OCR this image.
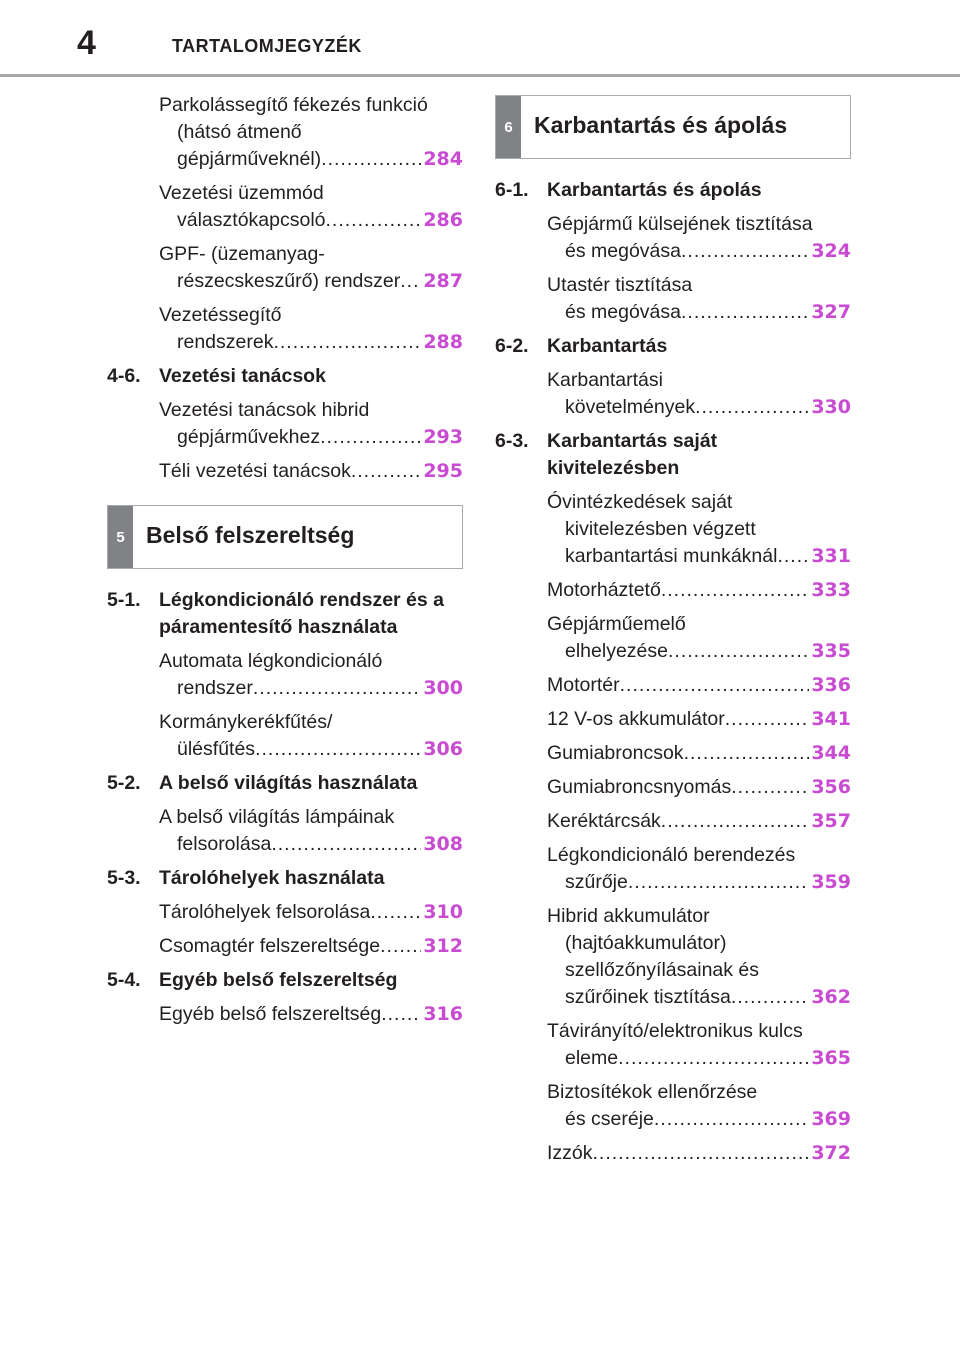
4	TARTALOMJEGYZÉK
Parkolássegítő fékezés funkció
(hátsó átmenő
gépjárműveknél) .....	284
Vezetési üzemmód
választókapcsoló .....	286
GPF- (üzemanyag-
részecskeszűrő) rendszer ..... 287
Vezetéssegítő
rendszerek .....	288
4-6. Vezetési tanácsok
Vezetési tanácsok hibrid
gépjárművekhez .....	293
Téli vezetési tanácsok .....	295
5 Belső felszereltség
5-1. Légkondicionáló rendszer és a páramentesítő használata
Automata légkondicionáló
rendszer .....	300
Kormánykerékfűtés/
ülésfűtés .....	306
5-2. A belső világítás használata
A belső világítás lámpáinak
felsorolása .....	308
5-3. Tárolóhelyek használata
Tárolóhelyek felsorolása .....	310
Csomagtér felszereltsége ..... 312
5-4. Egyéb belső felszereltség
Egyéb belső felszereltség ..... 316
6 Karbantartás és ápolás
6-1. Karbantartás és ápolás
Gépjármű külsejének tisztítása
és megóvása .....	324
Utastér tisztítása
és megóvása .....	327
6-2. Karbantartás
Karbantartási
követelmények .....	330
6-3. Karbantartás saját kivitelezésben
Óvintézkedések saját
kivitelezésben végzett
karbantartási munkáknál ..... 331
Motorháztető .....	333
Gépjárműemelő
elhelyezése .....	335
Motortér .....	336
12 V-os akkumulátor .....	341
Gumiabroncsok .....	344
Gumiabroncsnyomás .....	356
Keréktárcsák .....	357
Légkondicionáló berendezés
szűrője .....	359
Hibrid akkumulátor
(hajtóakkumulátor)
szellőzőnyílásainak és
szűrőinek tisztítása .....	362
Távirányító/elektronikus kulcs
eleme .....	365
Biztosítékok ellenőrzése
és cseréje .....	369
Izzók .....	372
